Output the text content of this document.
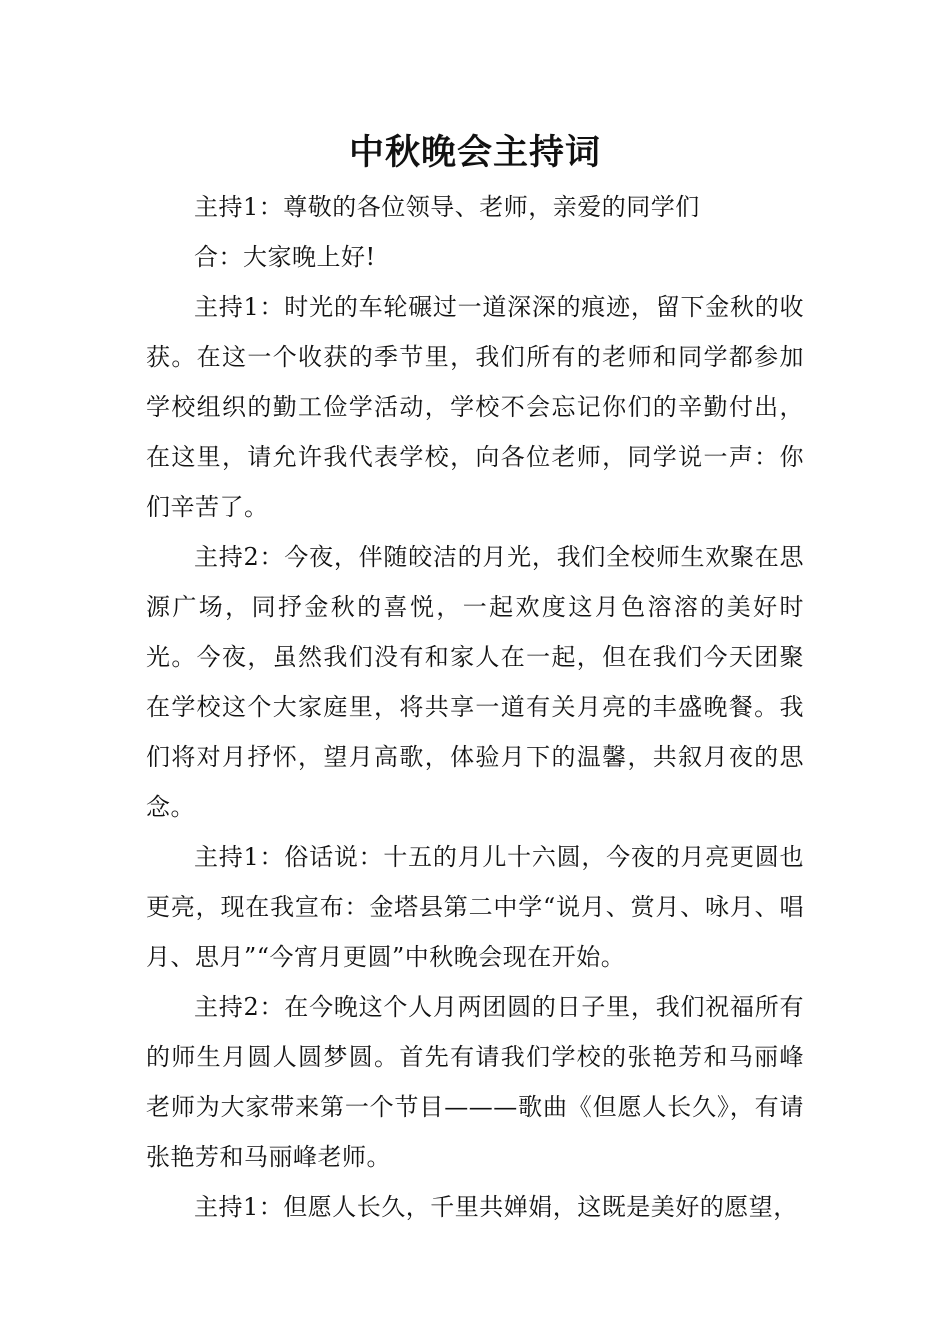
中秋晚会主持词

主持1：尊敬的各位领导、老师，亲爱的同学们

合：大家晚上好!

主持1：时光的车轮碾过一道深深的痕迹，留下金秋的收获。在这一个收获的季节里，我们所有的老师和同学都参加学校组织的勤工俭学活动，学校不会忘记你们的辛勤付出，在这里，请允许我代表学校，向各位老师，同学说一声：你们辛苦了。

主持2：今夜，伴随皎洁的月光，我们全校师生欢聚在思源广场，同抒金秋的喜悦，一起欢度这月色溶溶的美好时光。今夜，虽然我们没有和家人在一起，但在我们今天团聚在学校这个大家庭里，将共享一道有关月亮的丰盛晚餐。我们将对月抒怀，望月高歌，体验月下的温馨，共叙月夜的思念。

主持1：俗话说：十五的月儿十六圆，今夜的月亮更圆也更亮，现在我宣布：金塔县第二中学“说月、赏月、咏月、唱月、思月”“今宵月更圆”中秋晚会现在开始。

主持2：在今晚这个人月两团圆的日子里，我们祝福所有的师生月圆人圆梦圆。首先有请我们学校的张艳芳和马丽峰老师为大家带来第一个节目———歌曲《但愿人长久》，有请张艳芳和马丽峰老师。

主持1：但愿人长久，千里共婵娟，这既是美好的愿望，
